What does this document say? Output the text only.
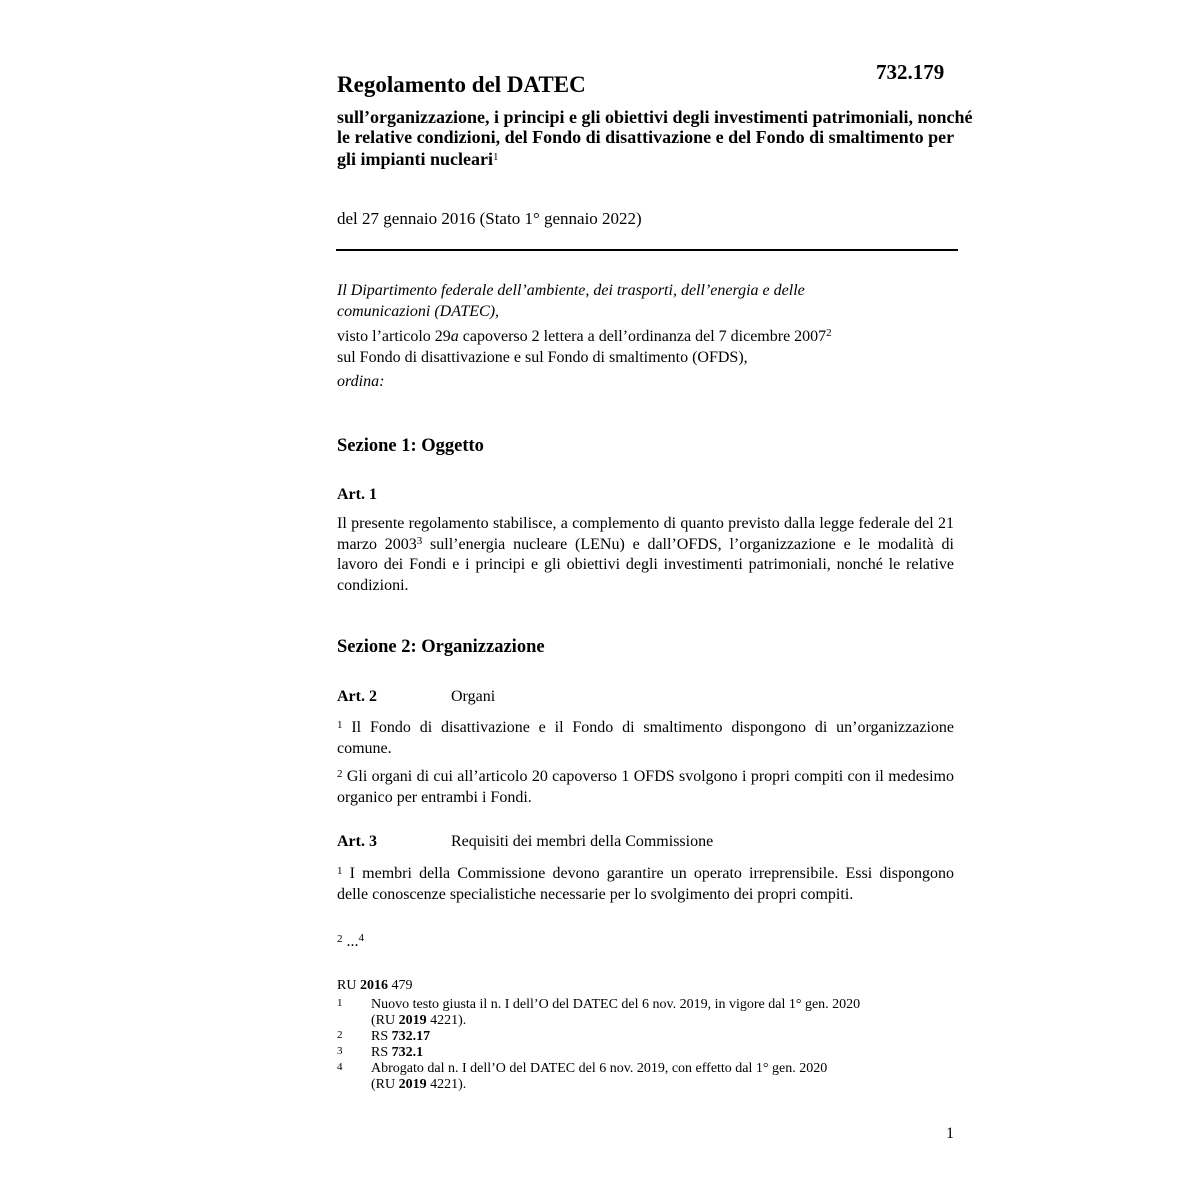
732.179
Regolamento del DATEC
sull’organizzazione, i principi e gli obiettivi degli investimenti patrimoniali, nonché le relative condizioni, del Fondo di disattivazione e del Fondo di smaltimento per gli impianti nucleari$^1$
del 27 gennaio 2016 (Stato 1° gennaio 2022)

Il Dipartimento federale dell’ambiente, dei trasporti, dell’energia e delle comunicazioni (DATEC),

visto l’articolo 29a capoverso 2 lettera a dell’ordinanza del 7 dicembre 2007$^2$
sul Fondo di disattivazione e sul Fondo di smaltimento (OFDS),

ordina:

Sezione 1: Oggetto
Art. 1
Il presente regolamento stabilisce, a complemento di quanto previsto dalla legge federale del 21 marzo 2003$^3$ sull’energia nucleare (LENu) e dall’OFDS, l’organizzazione e le modalità di lavoro dei Fondi e i principi e gli obiettivi degli investimenti patrimoniali, nonché le relative condizioni.
Sezione 2: Organizzazione
Art. 2	Organi
$^1$ Il Fondo di disattivazione e il Fondo di smaltimento dispongono di un’organizzazione comune.
$^2$ Gli organi di cui all’articolo 20 capoverso 1 OFDS svolgono i propri compiti con il medesimo organico per entrambi i Fondi.
Art. 3	Requisiti dei membri della Commissione
$^1$ I membri della Commissione devono garantire un operato irreprensibile. Essi dispongono delle conoscenze specialistiche necessarie per lo svolgimento dei propri compiti.
$^2$ ...$^4$
RU 2016 479
1 Nuovo testo giusta il n. I dell’O del DATEC del 6 nov. 2019, in vigore dal 1° gen. 2020
(RU 2019 4221).
2 RS 732.17
3 RS 732.1
4 Abrogato dal n. I dell’O del DATEC del 6 nov. 2019, con effetto dal 1° gen. 2020
(RU 2019 4221).
1
